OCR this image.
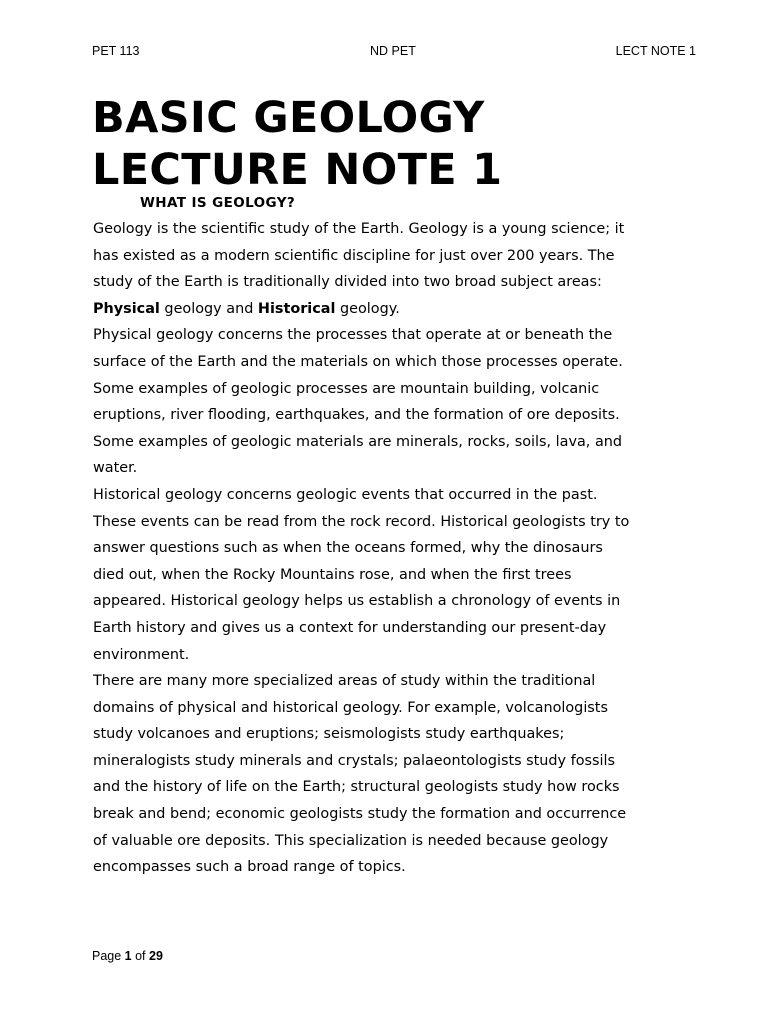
PET 113	ND PET	LECT NOTE 1
BASIC GEOLOGY
LECTURE NOTE 1
WHAT IS GEOLOGY?
Geology is the scientific study of the Earth. Geology is a young science; it
has existed as a modern scientific discipline for just over 200 years. The
study of the Earth is traditionally divided into two broad subject areas:
Physical geology and Historical geology.
Physical geology concerns the processes that operate at or beneath the
surface of the Earth and the materials on which those processes operate.
Some examples of geologic processes are mountain building, volcanic
eruptions, river flooding, earthquakes, and the formation of ore deposits.
Some examples of geologic materials are minerals, rocks, soils, lava, and
water.
Historical geology concerns geologic events that occurred in the past.
These events can be read from the rock record. Historical geologists try to
answer questions such as when the oceans formed, why the dinosaurs
died out, when the Rocky Mountains rose, and when the first trees
appeared. Historical geology helps us establish a chronology of events in
Earth history and gives us a context for understanding our present-day
environment.
There are many more specialized areas of study within the traditional
domains of physical and historical geology. For example, volcanologists
study volcanoes and eruptions; seismologists study earthquakes;
mineralogists study minerals and crystals; palaeontologists study fossils
and the history of life on the Earth; structural geologists study how rocks
break and bend; economic geologists study the formation and occurrence
of valuable ore deposits. This specialization is needed because geology
encompasses such a broad range of topics.
Page 1 of 29
